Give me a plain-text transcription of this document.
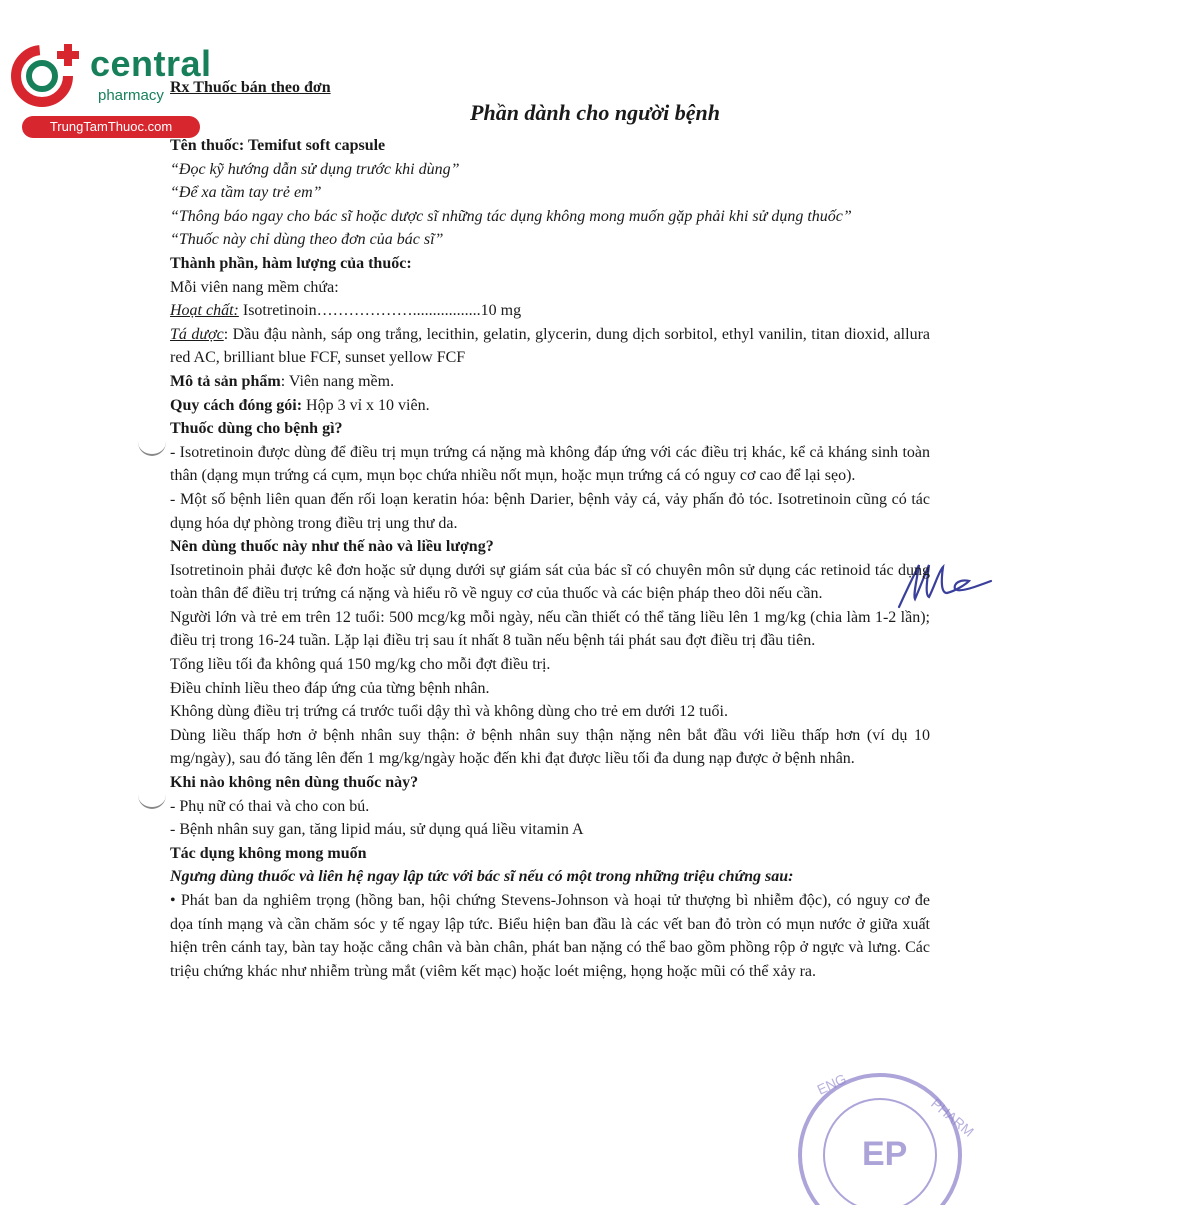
central
pharmacy
TrungTamThuoc.com
Rx Thuốc bán theo đơn
Phần dành cho người bệnh
EP
ENG
PHARM

Tên thuốc: Temifut soft capsule

“Đọc kỹ hướng dẫn sử dụng trước khi dùng”

“Để xa tầm tay trẻ em”

“Thông báo ngay cho bác sĩ hoặc dược sĩ những tác dụng không mong muốn gặp phải khi sử dụng thuốc”

“Thuốc này chỉ dùng theo đơn của bác sĩ”

Thành phần, hàm lượng của thuốc:

Mỗi viên nang mềm chứa:

Hoạt chất: Isotretinoin……………….................10 mg

Tá dược: Dầu đậu nành, sáp ong trắng, lecithin, gelatin, glycerin, dung dịch sorbitol, ethyl vanilin, titan dioxid, allura red AC, brilliant blue FCF, sunset yellow FCF

Mô tả sản phẩm: Viên nang mềm.

Quy cách đóng gói: Hộp 3 vỉ x 10 viên.

Thuốc dùng cho bệnh gì?

- Isotretinoin được dùng để điều trị mụn trứng cá nặng mà không đáp ứng với các điều trị khác, kể cả kháng sinh toàn thân (dạng mụn trứng cá cụm, mụn bọc chứa nhiều nốt mụn, hoặc mụn trứng cá có nguy cơ cao để lại sẹo).

- Một số bệnh liên quan đến rối loạn keratin hóa: bệnh Darier, bệnh vảy cá, vảy phấn đỏ tóc. Isotretinoin cũng có tác dụng hóa dự phòng trong điều trị ung thư da.

Nên dùng thuốc này như thế nào và liều lượng?

Isotretinoin phải được kê đơn hoặc sử dụng dưới sự giám sát của bác sĩ có chuyên môn sử dụng các retinoid tác dụng toàn thân để điều trị trứng cá nặng và hiểu rõ về nguy cơ của thuốc và các biện pháp theo dõi nếu cần.

Người lớn và trẻ em trên 12 tuổi: 500 mcg/kg mỗi ngày, nếu cần thiết có thể tăng liều lên 1 mg/kg (chia làm 1-2 lần); điều trị trong 16-24 tuần. Lặp lại điều trị sau ít nhất 8 tuần nếu bệnh tái phát sau đợt điều trị đầu tiên.

Tổng liều tối đa không quá 150 mg/kg cho mỗi đợt điều trị.

Điều chỉnh liều theo đáp ứng của từng bệnh nhân.

Không dùng điều trị trứng cá trước tuổi dậy thì và không dùng cho trẻ em dưới 12 tuổi.

Dùng liều thấp hơn ở bệnh nhân suy thận: ở bệnh nhân suy thận nặng nên bắt đầu với liều thấp hơn (ví dụ 10 mg/ngày), sau đó tăng lên đến 1 mg/kg/ngày hoặc đến khi đạt được liều tối đa dung nạp được ở bệnh nhân.

Khi nào không nên dùng thuốc này?

- Phụ nữ có thai và cho con bú.

- Bệnh nhân suy gan, tăng lipid máu, sử dụng quá liều vitamin A

Tác dụng không mong muốn

Ngưng dùng thuốc và liên hệ ngay lập tức với bác sĩ nếu có một trong những triệu chứng sau:

• Phát ban da nghiêm trọng (hồng ban, hội chứng Stevens-Johnson và hoại tử thượng bì nhiễm độc), có nguy cơ đe dọa tính mạng và cần chăm sóc y tế ngay lập tức. Biểu hiện ban đầu là các vết ban đỏ tròn có mụn nước ở giữa xuất hiện trên cánh tay, bàn tay hoặc cẳng chân và bàn chân, phát ban nặng có thể bao gồm phồng rộp ở ngực và lưng. Các triệu chứng khác như nhiễm trùng mắt (viêm kết mạc) hoặc loét miệng, họng hoặc mũi có thể xảy ra.
